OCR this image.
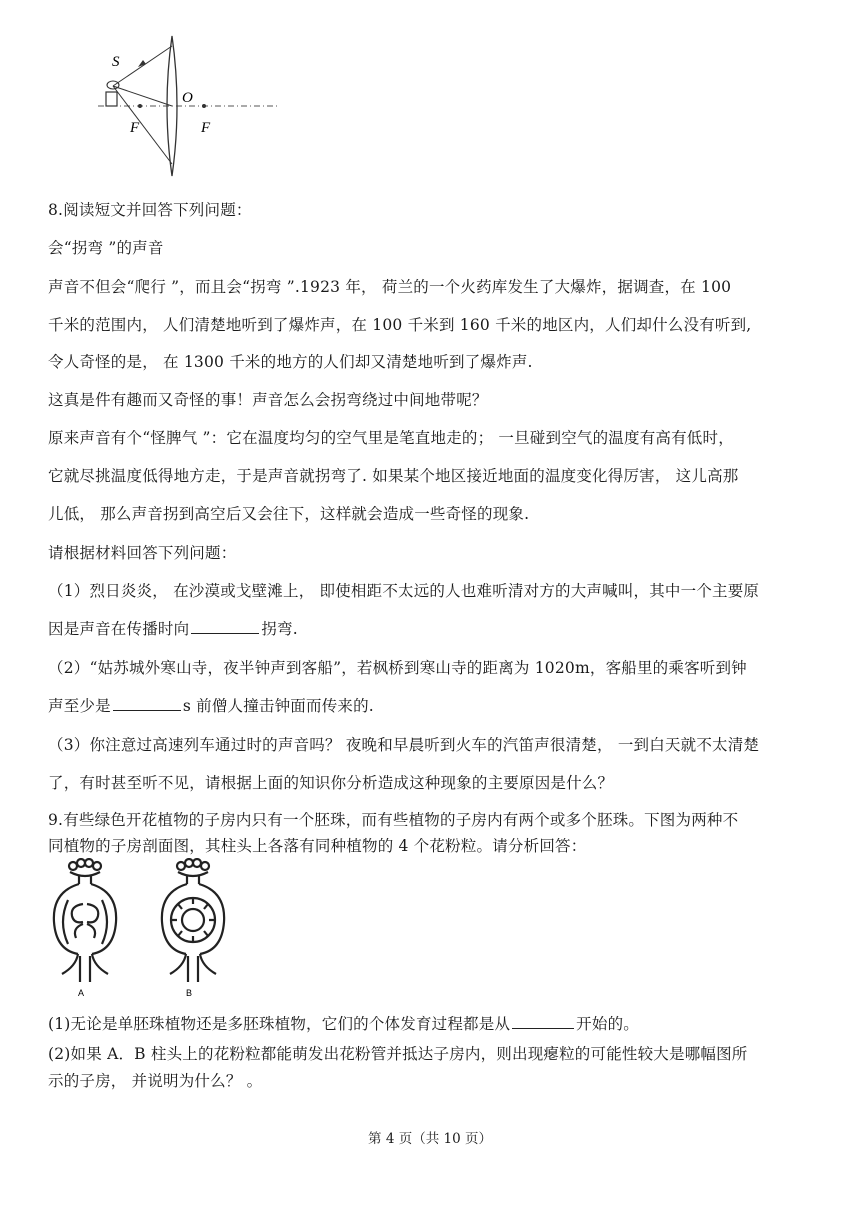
S
O
F	F
8.阅读短文并回答下列问题：
会“拐弯 ”的声音
声音不但会“爬行 ”，而且会“拐弯 ”.1923 年， 荷兰的一个火药库发生了大爆炸，据调查，在 100
千米的范围内， 人们清楚地听到了爆炸声，在 100 千米到 160 千米的地区内，人们却什么没有听到,
令人奇怪的是， 在 1300 千米的地方的人们却又清楚地听到了爆炸声.
这真是件有趣而又奇怪的事！声音怎么会拐弯绕过中间地带呢？
原来声音有个“怪脾气 ”：它在温度均匀的空气里是笔直地走的； 一旦碰到空气的温度有高有低时，
它就尽挑温度低得地方走，于是声音就拐弯了. 如果某个地区接近地面的温度变化得厉害， 这儿高那
儿低， 那么声音拐到高空后又会往下，这样就会造成一些奇怪的现象.
请根据材料回答下列问题：
（1）烈日炎炎， 在沙漠或戈壁滩上， 即使相距不太远的人也难听清对方的大声喊叫，其中一个主要原
因是声音在传播时向	拐弯.
（2）“姑苏城外寒山寺，夜半钟声到客船”，若枫桥到寒山寺的距离为 1020m，客船里的乘客听到钟
声至少是	s 前僧人撞击钟面而传来的.
（3）你注意过高速列车通过时的声音吗？ 夜晚和早晨听到火车的汽笛声很清楚， 一到白天就不太清楚
了，有时甚至听不见，请根据上面的知识你分析造成这种现象的主要原因是什么？
9.有些绿色开花植物的子房内只有一个胚珠，而有些植物的子房内有两个或多个胚珠。下图为两种不
同植物的子房剖面图，其柱头上各落有同种植物的 4 个花粉粒。请分析回答：
A	B
(1)无论是单胚珠植物还是多胚珠植物，它们的个体发育过程都是从	开始的。
(2)如果 A．B 柱头上的花粉粒都能萌发出花粉管并抵达子房内，则出现瘪粒的可能性较大是哪幅图所
示的子房， 并说明为什么？ 。
第 4 页（共 10 页）
